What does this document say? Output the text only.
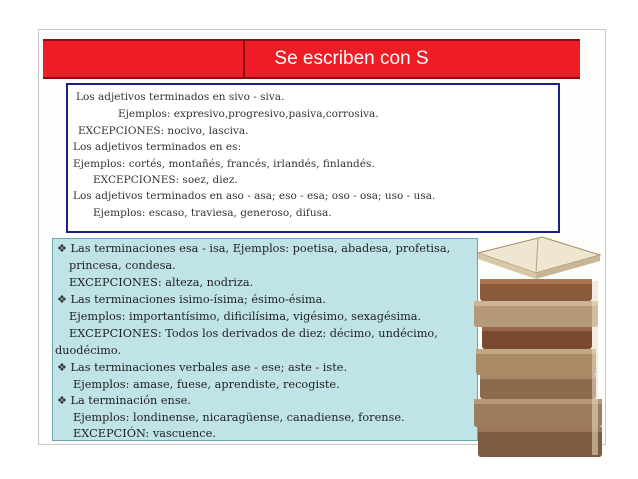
Se escriben con S
Los adjetivos terminados en sivo - siva.
Ejemplos: expresivo,progresivo,pasiva,corrosiva.
EXCEPCIONES: nocivo, lasciva.
Los adjetivos terminados en es:
Ejemplos: cortés, montañés, francés, irlandés, finlandés.
EXCEPCIONES: soez, diez.
Los adjetivos terminados en aso - asa; eso - esa; oso - osa; uso - usa.
Ejemplos: escaso, traviesa, generoso, difusa.
❖ Las terminaciones esa - isa, Ejemplos: poetisa, abadesa, profetisa,
princesa, condesa.
EXCEPCIONES: alteza, nodriza.
❖ Las terminaciones isimo-ísima; ésimo-ésima.
Ejemplos: importantísimo, dificilísima, vigésimo, sexagésima.
EXCEPCIONES: Todos los derivados de diez: décimo, undécimo,
duodécimo.
❖ Las terminaciones verbales ase - ese; aste - iste.
Ejemplos: amase, fuese, aprendiste, recogiste.
❖ La terminación ense.
Ejemplos: londinense, nicaragüense, canadiense, forense.
EXCEPCIÓN: vascuence.
